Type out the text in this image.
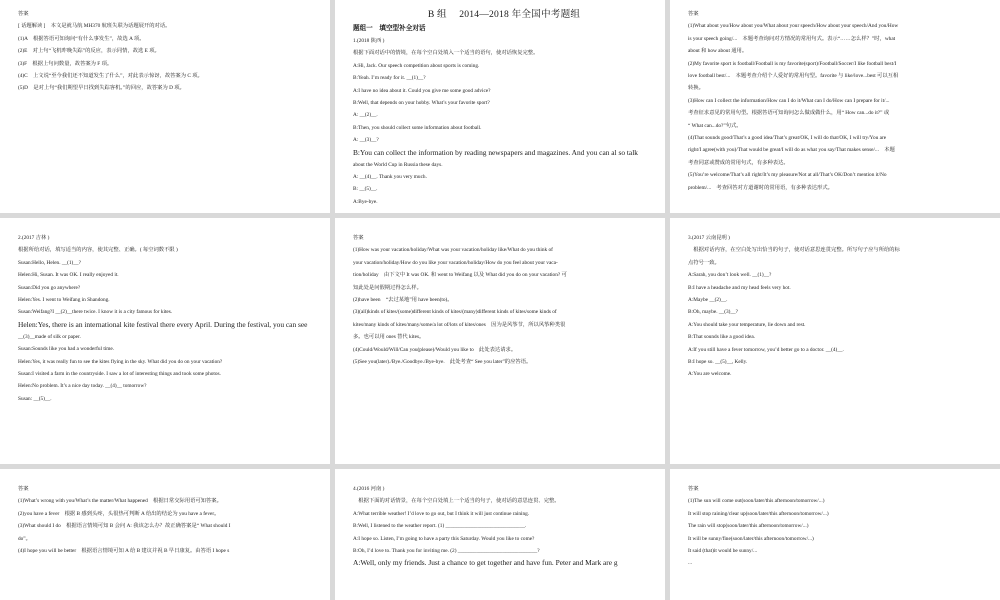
答案
[ 话题解读 ]　本文是就马航 MH370 航班失联为话题展开的对话。
(1)A　根据答语可知询问“有什么事发生”，故选 A 项。
(2)E　对上句“飞机昨晚失踪”的反应，表示同情，故选 E 项。
(3)F　根据上句问数量，故答案为 F 项。
(4)C　上文说“至今我们还不知道发生了什么”，对此表示惊讶，故答案为 C 项。
(5)D　是对上句“我们期望早日找到失踪客机。”的回应，故答案为 D 项。
B 组　 2014—2018 年全国中考题组
题组一　填空型补全对话
1.(2018 陕西 )
根据下面对话中的情境，在每个空白处填入一个适当的语句，使对话恢复完整。
A:Hi, Jack. Our speech competition about sports is coming.
B:Yeah. I’m ready for it. __(1)__?
A:I have no idea about it. Could you give me some good advice?
B:Well, that depends on your hobby. What’s your favorite sport?
A: __(2)__.
B:Then, you should collect some information about football.
A: __(3)__?
B:You can collect the information by reading newspapers and magazines. And you can al so talk
about the World Cup in Russia these days.
A: __(4)__. Thank you very much.
B: __(5)__.
A:Bye-bye.
答案
(1)What about you/How about you/What about your speech/How about your speech/And you/How
is your speech going/...　本题考查询问对方情况的常用句式。表示“……怎么样？”时，what
about 和 how about 通用。
(2)My favorite sport is football/Football is my favorite(sport)/Football/Soccer/I like football best/I
love football best/...　本题考查介绍个人爱好的常用句型。favorite 与 like/love...best 可以互相
转换。
(3)How can I collect the information/How can I do it/What can I do/How can I prepare for it/...
考查征求意见的常用句型。根据答语可知询问怎么做成做什么，用“ How can...do it?” 或
“ What can...do?”句式。
(4)That sounds good/That’s a good idea/That’s great/OK, I will do that/OK, I will try/You are
right/I agree(with you)/That would be great/I will do as what you say/That makes sense/...　本题
考查同意或赞成的常用句式，有多种表达。
(5)You’re welcome/That’s all right/It’s my pleasure/Not at all/That’s OK/Don’t mention it/No
problem/...　考查回答对方道谢时的常用语，有多种表达形式。
2.(2017 吉林 )
根据所给对话，填写适当的内容，使其完整、正确。( 每空词数不限 )
Susan:Hello, Helen. __(1)__?
Helen:Hi, Susan. It was OK. I really enjoyed it.
Susan:Did you go anywhere?
Helen:Yes. I went to Weifang in Shandong.
Susan:Weifang?I __(2)__there twice. I know it is a city famous for kites.
Helen:Yes, there is an international kite festival there every April. During the festival, you can see
__(3)__made of silk or paper.
Susan:Sounds like you had a wonderful time.
Helen:Yes, it was really fun to see the kites flying in the sky. What did you do on your vacation?
Susan:I visited a farm in the countryside. I saw a lot of interesting things and took some photos.
Helen:No problem. It’s a nice day today. __(4)__ tomorrow?
Susan: __(5)__.
答案
(1)How was your vacation/holiday/What was your vacation/holiday like/What do you think of
your vacation/holiday/How do you like your vacation/holiday/How do you feel about your vaca-
tion/holiday　由下文中 It was OK. 和 went to Weifang 以及 What did you do on your vacation? 可
知此处是问假期过得怎么样。
(2)have been　“去过某地”用 have been(to)。
(3)(all)kinds of kites/(some)different kinds of kites/(many)different kinds of kites/some kinds of
kites/many kinds of kites/many/some/a lot of/lots of kites/ones　因为是风筝节，所以风筝种类很
多。也可以用 ones 替代 kites。
(4)Could/Would/Will/Can you(please)/Would you like to　此处表达请求。
(5)See you(later)./Bye./Goodbye./Bye-bye.　此处考查“ See you later”的应答语。
3.(2017 云南昆明 )
　根据对话内容，在空白处写出恰当的句子，使对话意思连贯完整。所写句子应与所给的标
点符号一致。
A:Sarah, you don’t look well. __(1)__?
B:I have a headache and my head feels very hot.
A:Maybe __(2)__.
B:Oh, maybe. __(3)__?
A:You should take your temperature, lie down and rest.
B:That sounds like a good idea.
A:If you still have a fever tomorrow, you’d better go to a doctor. __(4)__.
B:I hope so. __(5)__, Kelly.
A:You are welcome.
答案
(1)What’s wrong with you/What’s the matter/What happened　根据日常交际用语可知答案。
(2)you have a fever　根据 B 感到头疼，头很热可判断 A 给出的结论为 you have a fever。
(3)What should I do　根据语言情境可知 B 会问 A: 我该怎么办？故正确答案是“ What should I
do”。
(4)I hope you will be better　根据语言情境可知 A 给 B 建议并祝 B 早日康复。由答语 I hope s
4.(2016 河南 )
　根据下面的对话情景，在每个空白处填上一个适当的句子，使对话的意思连贯、完整。
A:What terrible weather! I’d love to go out, but I think it will just continue raining.
B:Well, I listened to the weather report. (1) ______________________________.
A:I hope so. Listen, I’m going to have a party this Saturday. Would you like to come?
B:Oh, I’d love to. Thank you for inviting me. (2) ______________________________?
A:Well, only my friends. Just a chance to get together and have fun. Peter and Mark are g
答案
(1)The sun will come out(soon/later/this afternoon/tomorrow/...)
It will stop raining/clear up(soon/later/this afternoon/tomorrow/...)
The rain will stop(soon/later/this afternoon/tomorrow/...)
It will be sunny/fine(soon/later/this afternoon/tomorrow/...)
It said (that)it would be sunny/...
...
